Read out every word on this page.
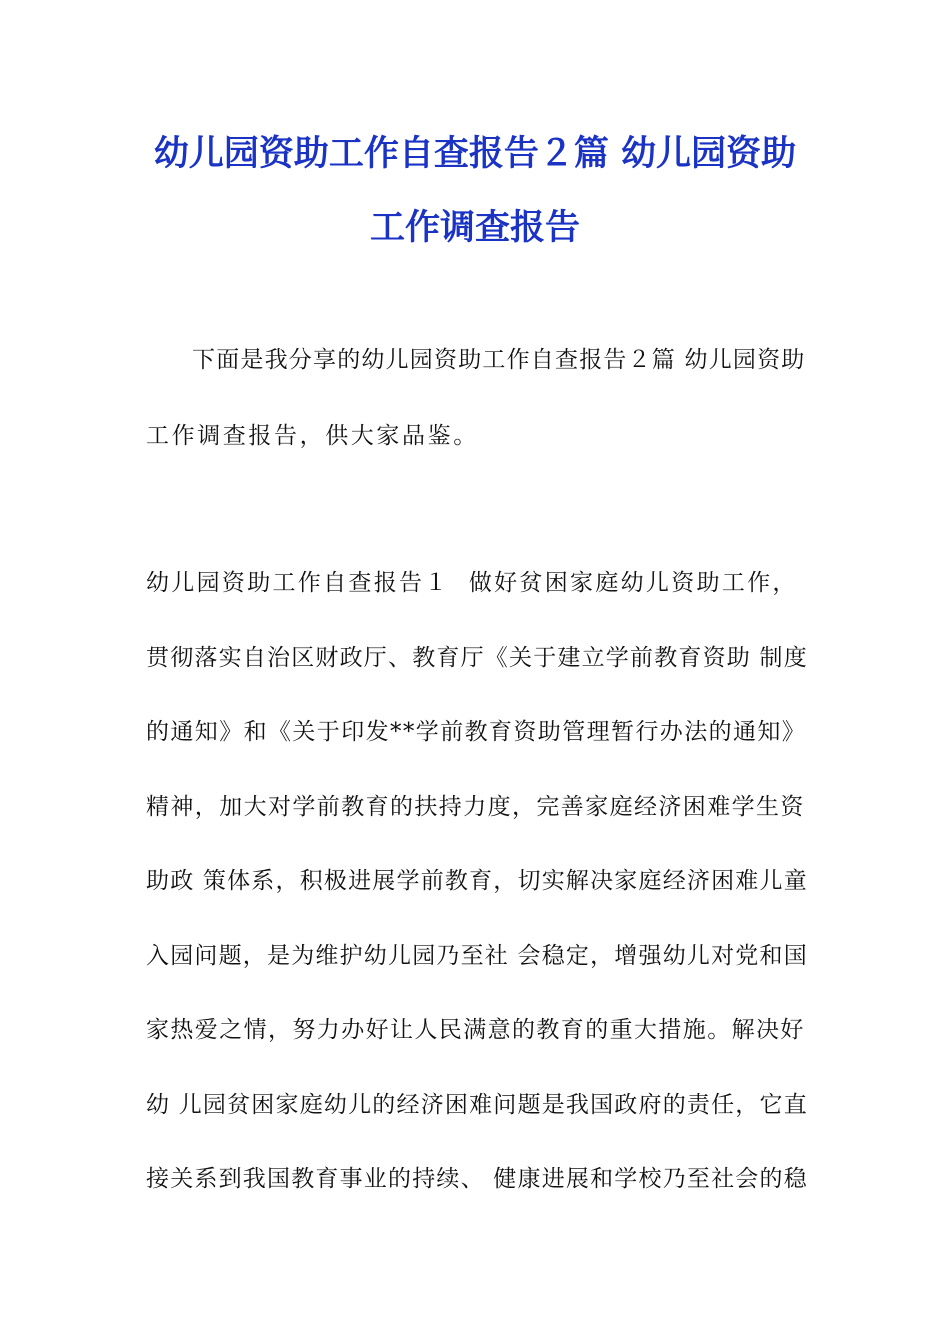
幼儿园资助工作自查报告２篇 幼儿园资助
工作调查报告
下面是我分享的幼儿园资助工作自查报告２篇 幼儿园资助
工作调查报告，供大家品鉴。
幼儿园资助工作自查报告１  做好贫困家庭幼儿资助工作，
贯彻落实自治区财政厅、教育厅《关于建立学前教育资助 制度
的通知》和《关于印发**学前教育资助管理暂行办法的通知》
精神，加大对学前教育的扶持力度，完善家庭经济困难学生资
助政 策体系，积极进展学前教育，切实解决家庭经济困难儿童
入园问题，是为维护幼儿园乃至社 会稳定，增强幼儿对党和国
家热爱之情，努力办好让人民满意的教育的重大措施。解决好
幼 儿园贫困家庭幼儿的经济困难问题是我国政府的责任，它直
接关系到我国教育事业的持续、 健康进展和学校乃至社会的稳
